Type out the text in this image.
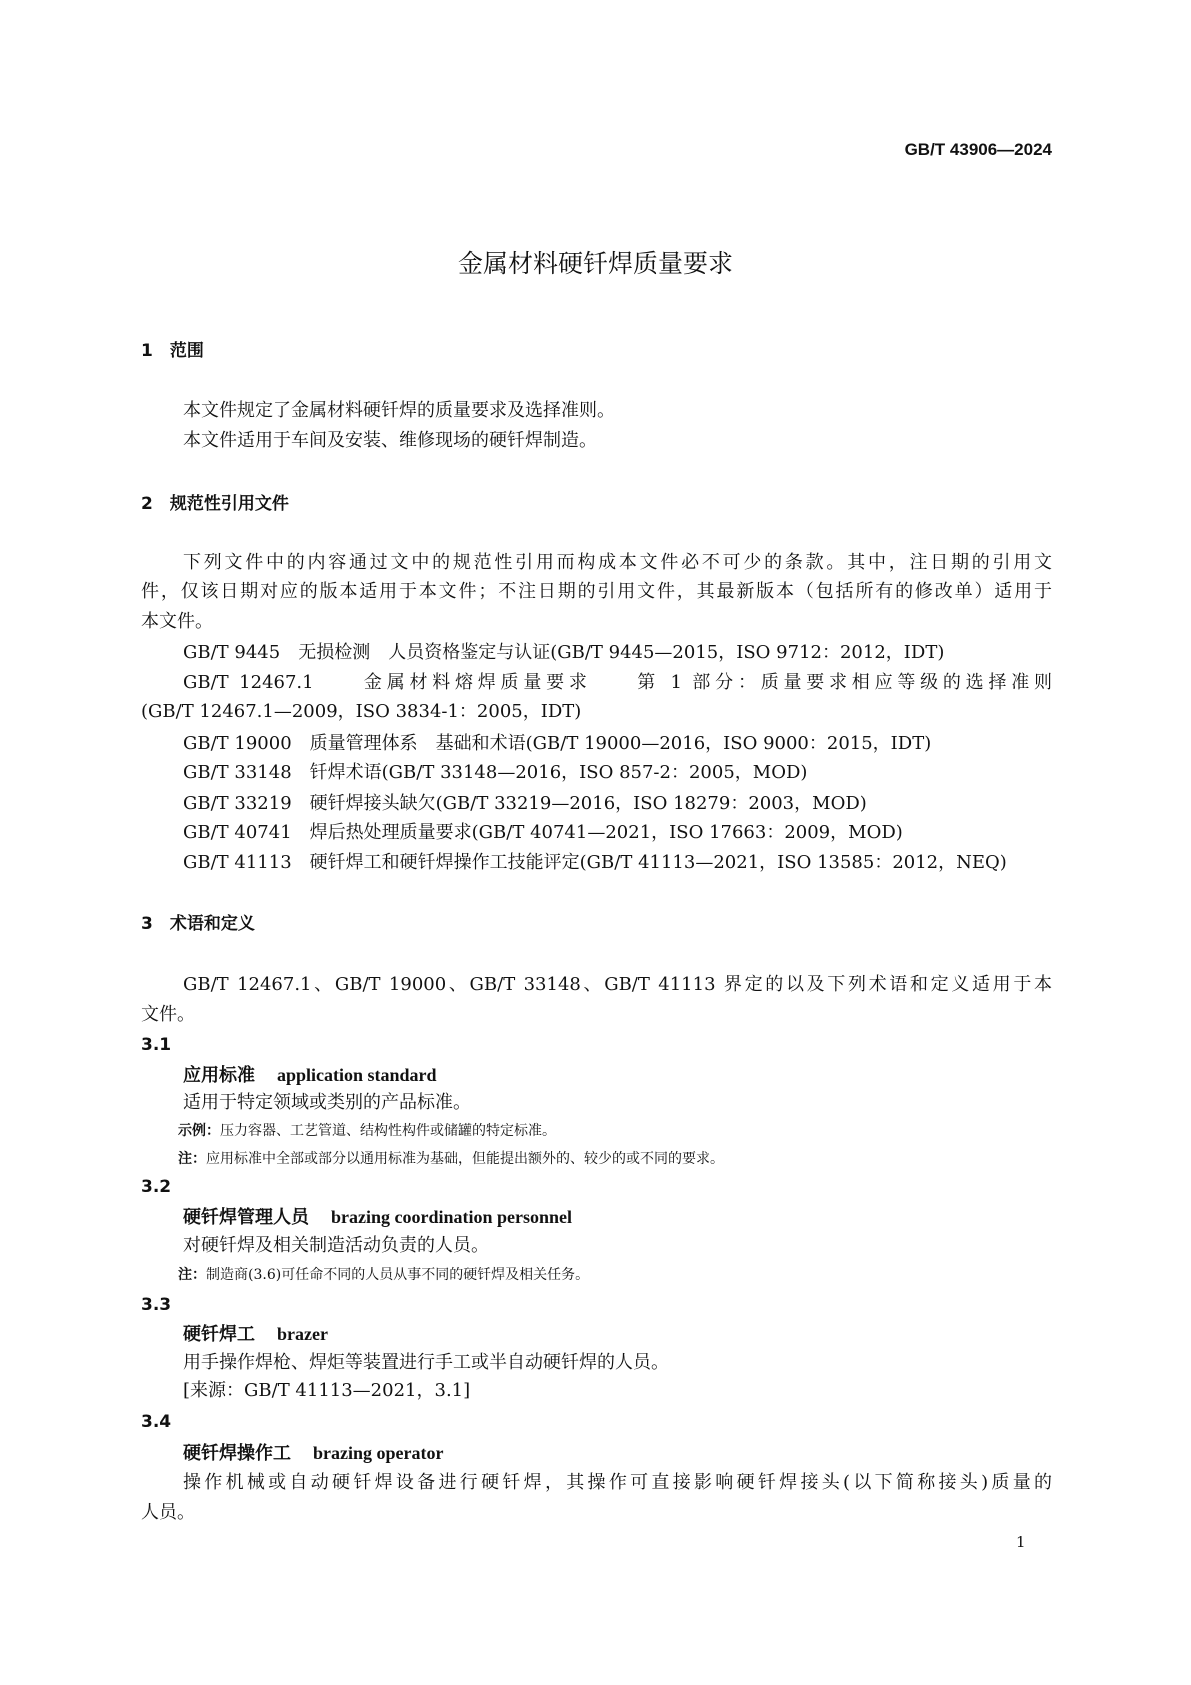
GB/T 43906—2024
金属材料硬钎焊质量要求
1　范围
本文件规定了金属材料硬钎焊的质量要求及选择准则。
本文件适用于车间及安装、维修现场的硬钎焊制造。
2　规范性引用文件
下列文件中的内容通过文中的规范性引用而构成本文件必不可少的条款。其中，注日期的引用文
件，仅该日期对应的版本适用于本文件；不注日期的引用文件，其最新版本（包括所有的修改单）适用于
本文件。
GB/T 9445　无损检测　人员资格鉴定与认证(GB/T 9445—2015，ISO 9712：2012，IDT)
GB/T 12467.1　　金属材料熔焊质量要求　　第 1 部分：质量要求相应等级的选择准则
(GB/T 12467.1—2009，ISO 3834-1：2005，IDT)
GB/T 19000　质量管理体系　基础和术语(GB/T 19000—2016，ISO 9000：2015，IDT)
GB/T 33148　钎焊术语(GB/T 33148—2016，ISO 857-2：2005，MOD)
GB/T 33219　硬钎焊接头缺欠(GB/T 33219—2016，ISO 18279：2003，MOD)
GB/T 40741　焊后热处理质量要求(GB/T 40741—2021，ISO 17663：2009，MOD)
GB/T 41113　硬钎焊工和硬钎焊操作工技能评定(GB/T 41113—2021，ISO 13585：2012，NEQ)
3　术语和定义
GB/T 12467.1、GB/T 19000、GB/T 33148、GB/T 41113 界定的以及下列术语和定义适用于本
文件。
3.1
应用标准 application standard
适用于特定领域或类别的产品标准。
示例：压力容器、工艺管道、结构性构件或储罐的特定标准。
注：应用标准中全部或部分以通用标准为基础，但能提出额外的、较少的或不同的要求。
3.2
硬钎焊管理人员 brazing coordination personnel
对硬钎焊及相关制造活动负责的人员。
注：制造商(3.6)可任命不同的人员从事不同的硬钎焊及相关任务。
3.3
硬钎焊工 brazer
用手操作焊枪、焊炬等装置进行手工或半自动硬钎焊的人员。
[来源：GB/T 41113—2021，3.1]
3.4
硬钎焊操作工 brazing operator
操作机械或自动硬钎焊设备进行硬钎焊，其操作可直接影响硬钎焊接头(以下简称接头)质量的
人员。
1
